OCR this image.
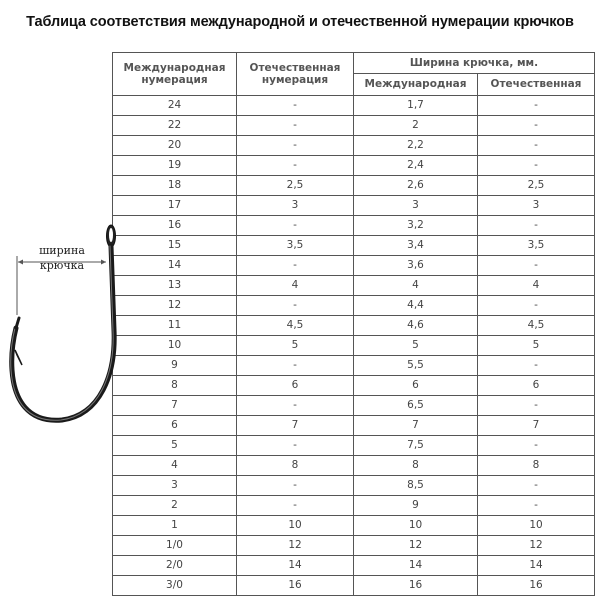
Таблица соответствия международной и отечественной нумерации крючков
Международная нумерация	Отечественная нумерация	Ширина крючка, мм.	
		Международная	Отечественная
24	-	1,7	-
22	-	2	-
20	-	2,2	-
19	-	2,4	-
18	2,5	2,6	2,5
17	3	3	3
16	-	3,2	-
15	3,5	3,4	3,5
14	-	3,6	-
13	4	4	4
12	-	4,4	-
11	4,5	4,6	4,5
10	5	5	5
9	-	5,5	-
8	6	6	6
7	-	6,5	-
6	7	7	7
5	-	7,5	-
4	8	8	8
3	-	8,5	-
2	-	9	-
1	10	10	10
1/0	12	12	12
2/0	14	14	14
3/0	16	16	16
ширина
крючка
